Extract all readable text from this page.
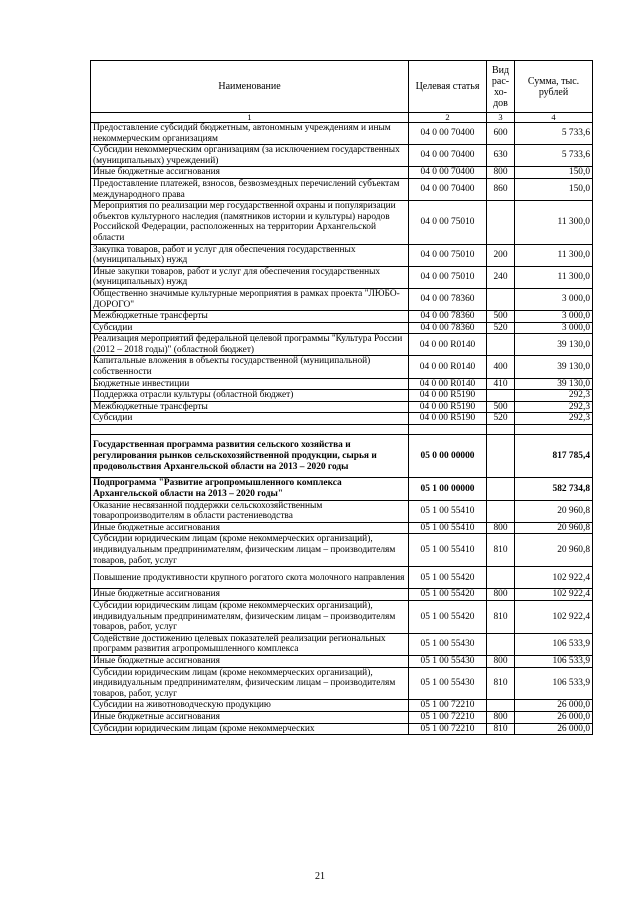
Наименование	Целевая статья	Вид рас-хо-дов	Сумма, тыс. рублей
1	2	3	4
Предоставление субсидий бюджетным, автономным учреждениям и иным некоммерческим организациям	04 0 00 70400	600	5 733,6
Субсидии некоммерческим организациям (за исключением государственных (муниципальных) учреждений)	04 0 00 70400	630	5 733,6
Иные бюджетные ассигнования	04 0 00 70400	800	150,0
Предоставление платежей, взносов, безвозмездных перечислений субъектам международного права	04 0 00 70400	860	150,0
Мероприятия по реализации мер государственной охраны и популяризации объектов культурного наследия (памятников истории и культуры) народов Российской Федерации, расположенных на территории Архангельской области	04 0 00 75010		11 300,0
Закупка товаров, работ и услуг для обеспечения государственных (муниципальных) нужд	04 0 00 75010	200	11 300,0
Иные закупки товаров, работ и услуг для обеспечения государственных (муниципальных) нужд	04 0 00 75010	240	11 300,0
Общественно значимые культурные мероприятия в рамках проекта "ЛЮБО-ДОРОГО"	04 0 00 78360		3 000,0
Межбюджетные трансферты	04 0 00 78360	500	3 000,0
Субсидии	04 0 00 78360	520	3 000,0
Реализация мероприятий федеральной целевой программы "Культура России (2012 – 2018 годы)" (областной бюджет)	04 0 00 R0140		39 130,0
Капитальные вложения в объекты государственной (муниципальной) собственности	04 0 00 R0140	400	39 130,0
Бюджетные инвестиции	04 0 00 R0140	410	39 130,0
Поддержка отрасли культуры (областной бюджет)	04 0 00 R5190		292,3
Межбюджетные трансферты	04 0 00 R5190	500	292,3
Субсидии	04 0 00 R5190	520	292,3

Государственная программа развития сельского хозяйства и регулирования рынков сельскохозяйственной продукции, сырья и продовольствия Архангельской области на 2013 – 2020 годы	05 0 00 00000		817 785,4
Подпрограмма "Развитие агропромышленного комплекса Архангельской области на 2013 – 2020 годы"	05 1 00 00000		582 734,8
Оказание несвязанной поддержки сельскохозяйственным товаропроизводителям в области растениеводства	05 1 00 55410		20 960,8
Иные бюджетные ассигнования	05 1 00 55410	800	20 960,8
Субсидии юридическим лицам (кроме некоммерческих организаций), индивидуальным предпринимателям, физическим лицам – производителям товаров, работ, услуг	05 1 00 55410	810	20 960,8
Повышение продуктивности крупного рогатого скота молочного направления	05 1 00 55420		102 922,4
Иные бюджетные ассигнования	05 1 00 55420	800	102 922,4
Субсидии юридическим лицам (кроме некоммерческих организаций), индивидуальным предпринимателям, физическим лицам – производителям товаров, работ, услуг	05 1 00 55420	810	102 922,4
Содействие достижению целевых показателей реализации региональных программ развития агропромышленного комплекса	05 1 00 55430		106 533,9
Иные бюджетные ассигнования	05 1 00 55430	800	106 533,9
Субсидии юридическим лицам (кроме некоммерческих организаций), индивидуальным предпринимателям, физическим лицам – производителям товаров, работ, услуг	05 1 00 55430	810	106 533,9
Субсидии на животноводческую продукцию	05 1 00 72210		26 000,0
Иные бюджетные ассигнования	05 1 00 72210	800	26 000,0
Субсидии юридическим лицам (кроме некоммерческих	05 1 00 72210	810	26 000,0
21
